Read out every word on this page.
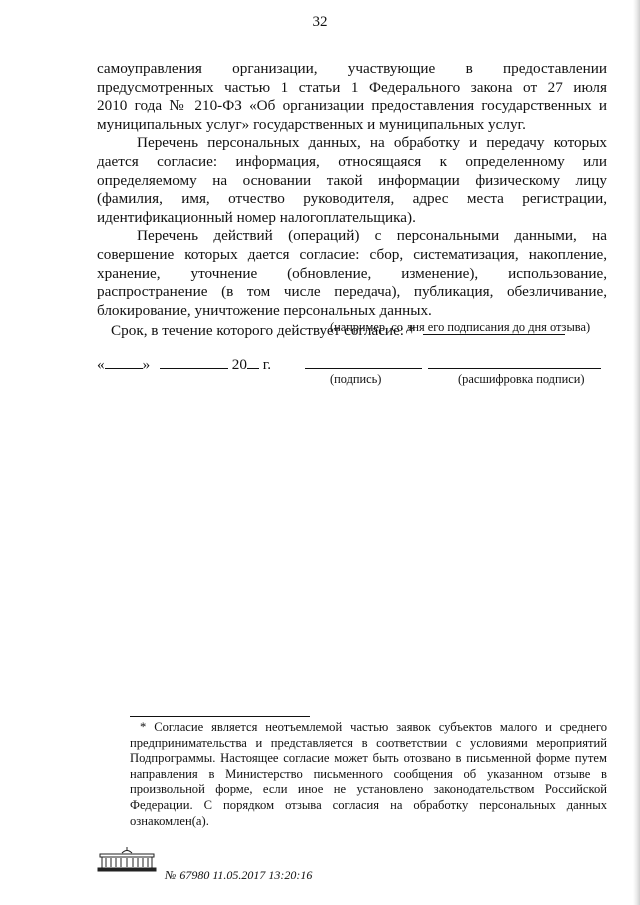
32
самоуправления организации, участвующие в предоставлении
предусмотренных частью 1 статьи 1 Федерального закона от 27 июля
2010 года № 210-ФЗ «Об организации предоставления государственных и
муниципальных услуг» государственных и муниципальных услуг.
Перечень персональных данных, на обработку и передачу которых
дается согласие: информация, относящаяся к определенному или
определяемому на основании такой информации физическому лицу
(фамилия, имя, отчество руководителя, адрес места регистрации,
идентификационный номер налогоплательщика).
Перечень действий (операций) с персональными данными, на
совершение которых дается согласие: сбор, систематизация, накопление,
хранение, уточнение (обновление, изменение), использование,
распространение (в том числе передача), публикация, обезличивание,
блокирование, уничтожение персональных данных.
Срок, в течение которого действует согласие: *
(например, со дня его подписания до дня отзыва)
«	»	20 г.
(подпись)	(расшифровка подписи)
* Согласие является неотъемлемой частью заявок субъектов малого и среднего
предпринимательства и представляется в соответствии с условиями мероприятий
Подпрограммы. Настоящее согласие может быть отозвано в письменной форме путем
направления в Министерство письменного сообщения об указанном отзыве в
произвольной форме, если иное не установлено законодательством Российской
Федерации. С порядком отзыва согласия на обработку персональных данных
ознакомлен(а).
№ 67980 11.05.2017 13:20:16
